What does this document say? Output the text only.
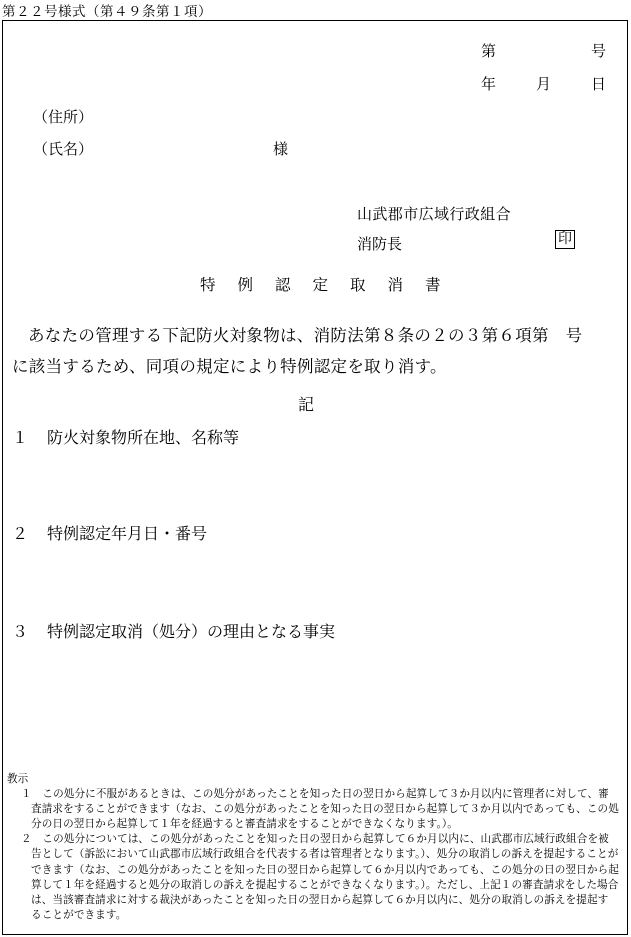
第２２号様式（第４９条第１項）
第	号
年	月	日
（住所）
（氏名）	様
山武郡市広域行政組合
消防長	印
特例認定取消書
あなたの管理する下記防火対象物は、消防法第８条の２の３第６項第　号
に該当するため、同項の規定により特例認定を取り消す。
記
１ 防火対象物所在地、名称等
２ 特例認定年月日・番号
３ 特例認定取消（処分）の理由となる事実
教示
１　この処分に不服があるときは、この処分があったことを知った日の翌日から起算して３か月以内に管理者に対して、審査請求をすることができます（なお、この処分があったことを知った日の翌日から起算して３か月以内であっても、この処分の日の翌日から起算して１年を経過すると審査請求をすることができなくなります。）。
２　この処分については、この処分があったことを知った日の翌日から起算して６か月以内に、山武郡市広域行政組合を被告として（訴訟において山武郡市広域行政組合を代表する者は管理者となります。）、処分の取消しの訴えを提起することができます（なお、この処分があったことを知った日の翌日から起算して６か月以内であっても、この処分の日の翌日から起算して１年を経過すると処分の取消しの訴えを提起することができなくなります。）。ただし、上記１の審査請求をした場合は、当該審査請求に対する裁決があったことを知った日の翌日から起算して６か月以内に、処分の取消しの訴えを提起することができます。
